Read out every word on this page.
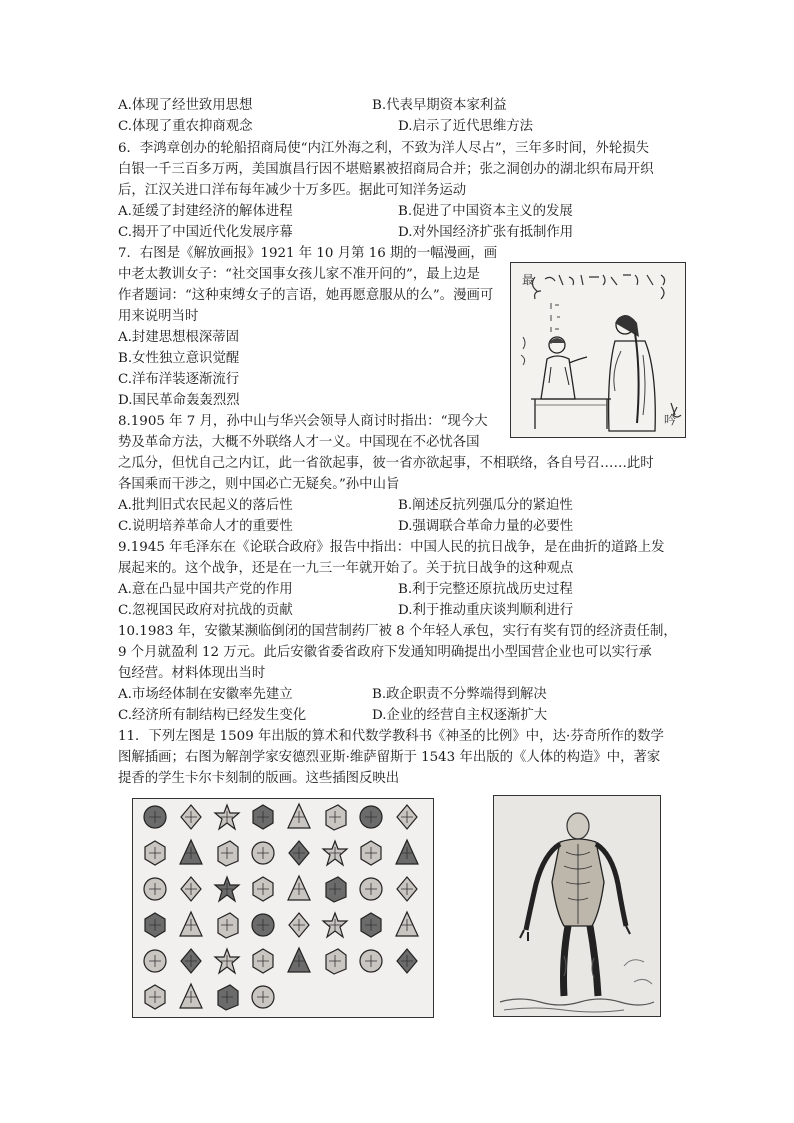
A.体现了经世致用思想	B.代表早期资本家利益
C.体现了重农抑商观念	D.启示了近代思维方法
6．李鸿章创办的轮船招商局使“内江外海之利，不致为洋人尽占”，三年多时间，外轮损失
白银一千三百多万两，美国旗昌行因不堪赔累被招商局合并；张之洞创办的湖北织布局开织
后，江汉关进口洋布每年减少十万多匹。据此可知洋务运动
A.延缓了封建经济的解体进程	B.促进了中国资本主义的发展
C.揭开了中国近代化发展序幕	D.对外国经济扩张有抵制作用
7．右图是《解放画报》1921 年 10 月第 16 期的一幅漫画，画
中老太教训女子：“社交国事女孩儿家不准开问的”，最上边是
作者题词：“这种束缚女子的言语，她再愿意服从的么”。漫画可
用来说明当时
A.封建思想根深蒂固
B.女性独立意识觉醒
C.洋布洋装逐渐流行
D.国民革命轰轰烈烈
8.1905 年 7 月，孙中山与华兴会领导人商讨时指出：“现今大
势及革命方法，大概不外联络人才一义。中国现在不必忧各国
之瓜分，但忧自己之内讧，此一省欲起事，彼一省亦欲起事，不相联络，各自号召……此时
各国乘而干涉之，则中国必亡无疑矣。”孙中山旨
A.批判旧式农民起义的落后性	B.阐述反抗列强瓜分的紧迫性
C.说明培养革命人才的重要性	D.强调联合革命力量的必要性
9.1945 年毛泽东在《论联合政府》报告中指出：中国人民的抗日战争，是在曲折的道路上发
展起来的。这个战争，还是在一九三一年就开始了。关于抗日战争的这种观点
A.意在凸显中国共产党的作用	B.利于完整还原抗战历史过程
C.忽视国民政府对抗战的贡献	D.利于推动重庆谈判顺利进行
10.1983 年，安徽某濒临倒闭的国营制药厂被 8 个年轻人承包，实行有奖有罚的经济责任制，
9 个月就盈利 12 万元。此后安徽省委省政府下发通知明确提出小型国营企业也可以实行承
包经营。材料体现出当时
A.市场经体制在安徽率先建立	B.政企职责不分弊端得到解决
C.经济所有制结构已经发生变化	D.企业的经营自主权逐渐扩大
11．下列左图是 1509 年出版的算术和代数学教科书《神圣的比例》中，达·芬奇所作的数学
图解插画；右图为解剖学家安德烈亚斯·维萨留斯于 1543 年出版的《人体的构造》中，著家
提香的学生卡尔卡刻制的版画。这些插图反映出
最
吟
